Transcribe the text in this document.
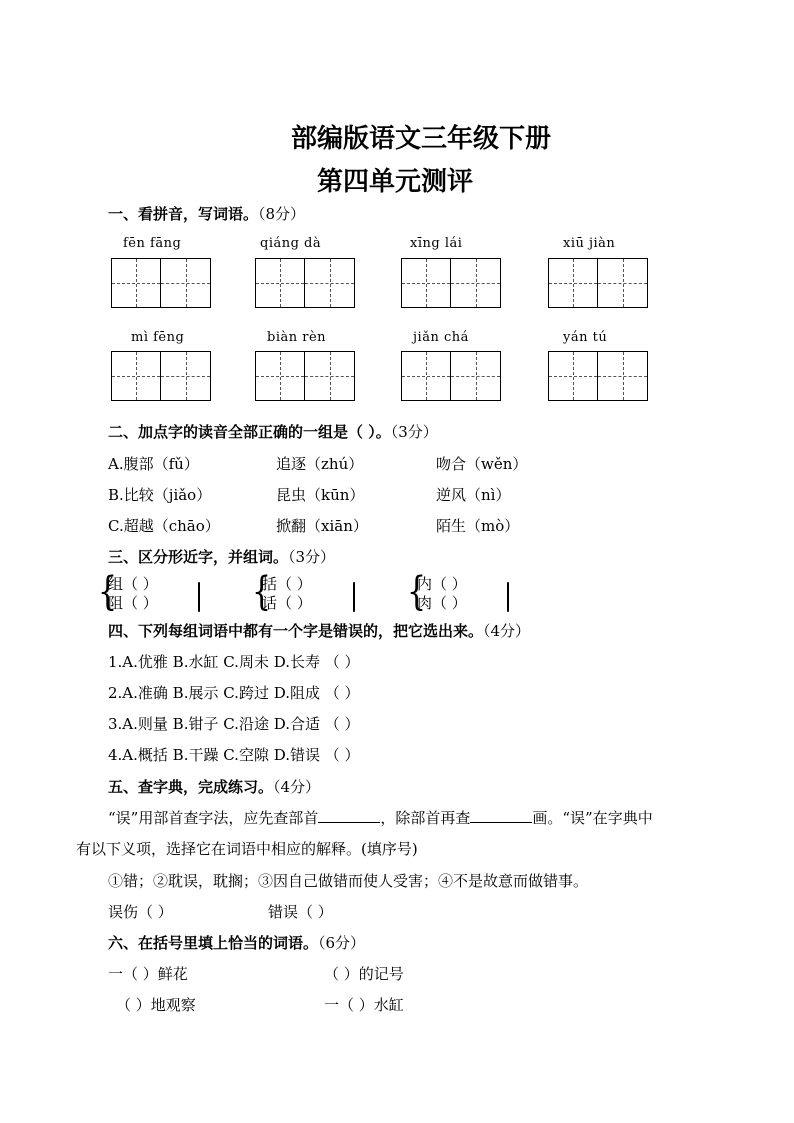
部编版语文三年级下册
第四单元测评
一、看拼音，写词语。（8分）
fēn fāng	qiáng dà	xīng lái	xiū jiàn
mì fēng	biàn rèn	jiǎn chá	yán tú
二、加点字的读音全部正确的一组是（ ）。（3分）
A.腹部（fǔ）	追逐（zhú）	吻合（wěn）
B.比较（jiǎo）	昆虫（kūn）	逆风（nì）
C.超越（chāo）	掀翻（xiān）	陌生（mò）
三、区分形近字，并组词。（3分）
{
组（ ）
阻（ ）	{
括（ ）
话（ ）	{
内（ ）
肉（ ）
四、下列每组词语中都有一个字是错误的，把它选出来。（4分）
1.A.优雅 B.水缸 C.周未 D.长寿 （ ）
2.A.准确 B.展示 C.跨过 D.阻成 （ ）
3.A.则量 B.钳子 C.沿途 D.合适 （ ）
4.A.概括 B.干躁 C.空隙 D.错误 （ ）
五、查字典，完成练习。（4分）
“误”用部首查字法，应先查部首	，除部首再查	画。“误”在字典中
有以下义项，选择它在词语中相应的解释。(填序号)
①错；②耽误，耽搁；③因自己做错而使人受害；④不是故意而做错事。
误伤（ ）	错误（ ）
六、在括号里填上恰当的词语。（6分）
一（ ）鲜花	（ ）的记号
（ ）地观察	一（ ）水缸
